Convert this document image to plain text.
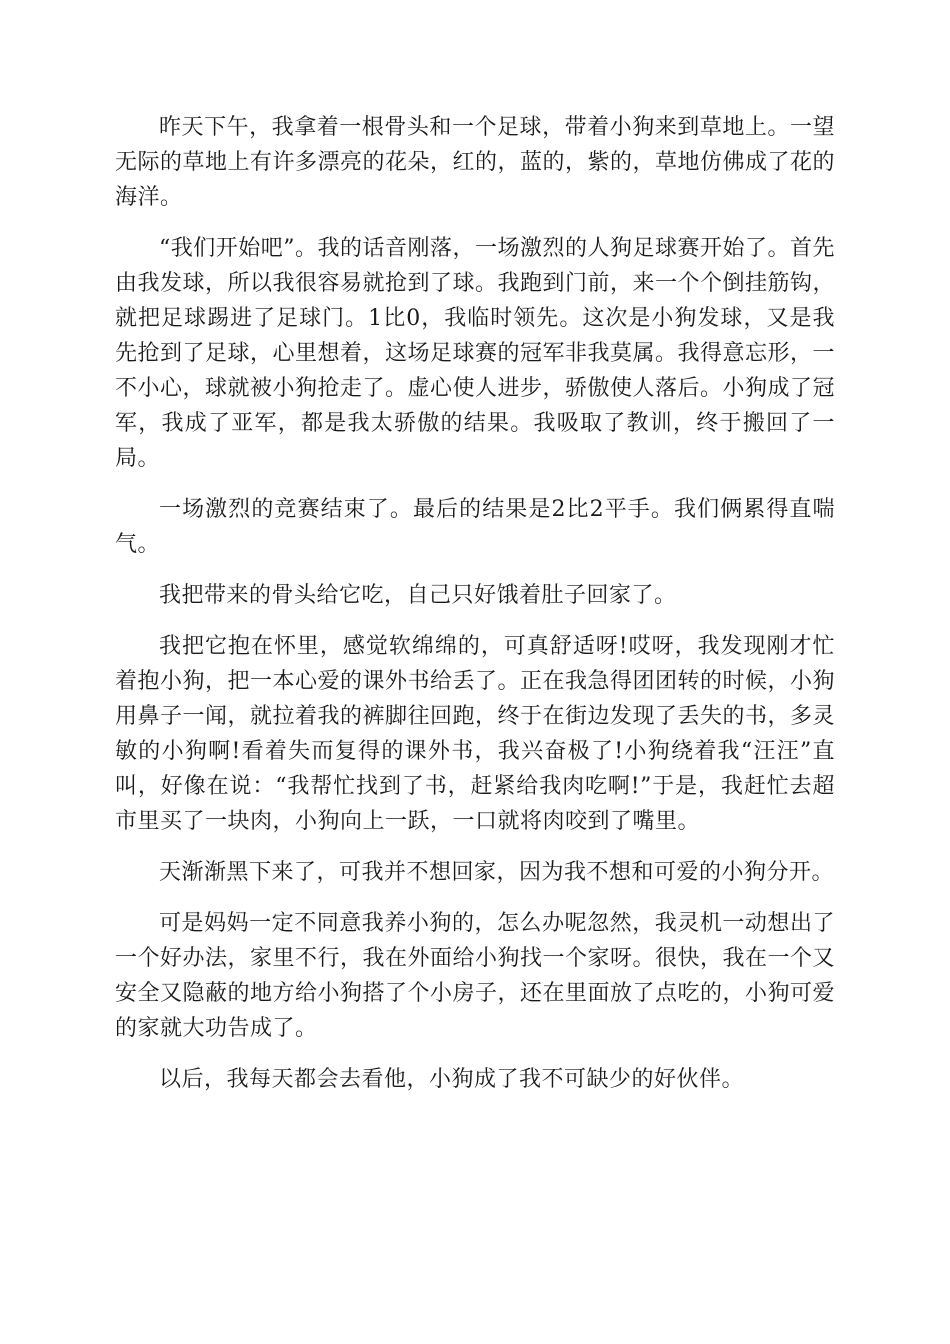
昨天下午，我拿着一根骨头和一个足球，带着小狗来到草地上。一望无际的草地上有许多漂亮的花朵，红的，蓝的，紫的，草地仿佛成了花的海洋。

“我们开始吧”。我的话音刚落，一场激烈的人狗足球赛开始了。首先由我发球，所以我很容易就抢到了球。我跑到门前，来一个个倒挂筋钩，就把足球踢进了足球门。1比0，我临时领先。这次是小狗发球，又是我先抢到了足球，心里想着，这场足球赛的冠军非我莫属。我得意忘形，一不小心，球就被小狗抢走了。虚心使人进步，骄傲使人落后。小狗成了冠军，我成了亚军，都是我太骄傲的结果。我吸取了教训，终于搬回了一局。

一场激烈的竞赛结束了。最后的结果是2比2平手。我们俩累得直喘气。

我把带来的骨头给它吃，自己只好饿着肚子回家了。

我把它抱在怀里，感觉软绵绵的，可真舒适呀!哎呀，我发现刚才忙着抱小狗，把一本心爱的课外书给丢了。正在我急得团团转的时候，小狗用鼻子一闻，就拉着我的裤脚往回跑，终于在街边发现了丢失的书，多灵敏的小狗啊!看着失而复得的课外书，我兴奋极了!小狗绕着我“汪汪”直叫，好像在说：“我帮忙找到了书，赶紧给我肉吃啊!”于是，我赶忙去超市里买了一块肉，小狗向上一跃，一口就将肉咬到了嘴里。

天渐渐黑下来了，可我并不想回家，因为我不想和可爱的小狗分开。

可是妈妈一定不同意我养小狗的，怎么办呢忽然，我灵机一动想出了一个好办法，家里不行，我在外面给小狗找一个家呀。很快，我在一个又安全又隐蔽的地方给小狗搭了个小房子，还在里面放了点吃的，小狗可爱的家就大功告成了。

以后，我每天都会去看他，小狗成了我不可缺少的好伙伴。
